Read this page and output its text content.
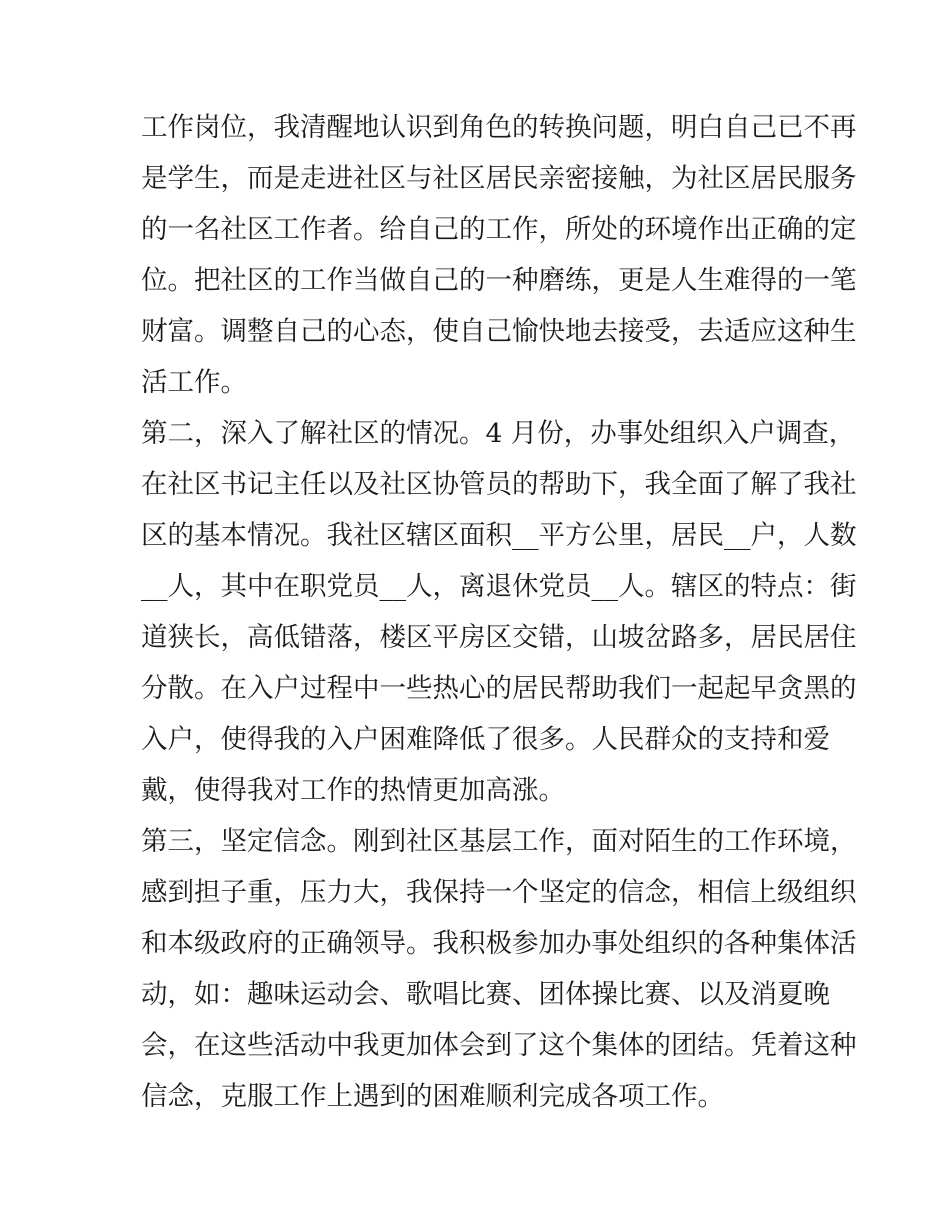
工作岗位，我清醒地认识到角色的转换问题，明白自己已不再
是学生，而是走进社区与社区居民亲密接触，为社区居民服务
的一名社区工作者。给自己的工作，所处的环境作出正确的定
位。把社区的工作当做自己的一种磨练，更是人生难得的一笔
财富。调整自己的心态，使自己愉快地去接受，去适应这种生
活工作。
第二，深入了解社区的情况。4 月份，办事处组织入户调查，
在社区书记主任以及社区协管员的帮助下，我全面了解了我社
区的基本情况。我社区辖区面积__平方公里，居民__户，人数
__人，其中在职党员__人，离退休党员__人。辖区的特点：街
道狭长，高低错落，楼区平房区交错，山坡岔路多，居民居住
分散。在入户过程中一些热心的居民帮助我们一起起早贪黑的
入户，使得我的入户困难降低了很多。人民群众的支持和爱
戴，使得我对工作的热情更加高涨。
第三，坚定信念。刚到社区基层工作，面对陌生的工作环境，
感到担子重，压力大，我保持一个坚定的信念，相信上级组织
和本级政府的正确领导。我积极参加办事处组织的各种集体活
动，如：趣味运动会、歌唱比赛、团体操比赛、以及消夏晚
会，在这些活动中我更加体会到了这个集体的团结。凭着这种
信念，克服工作上遇到的困难顺利完成各项工作。
